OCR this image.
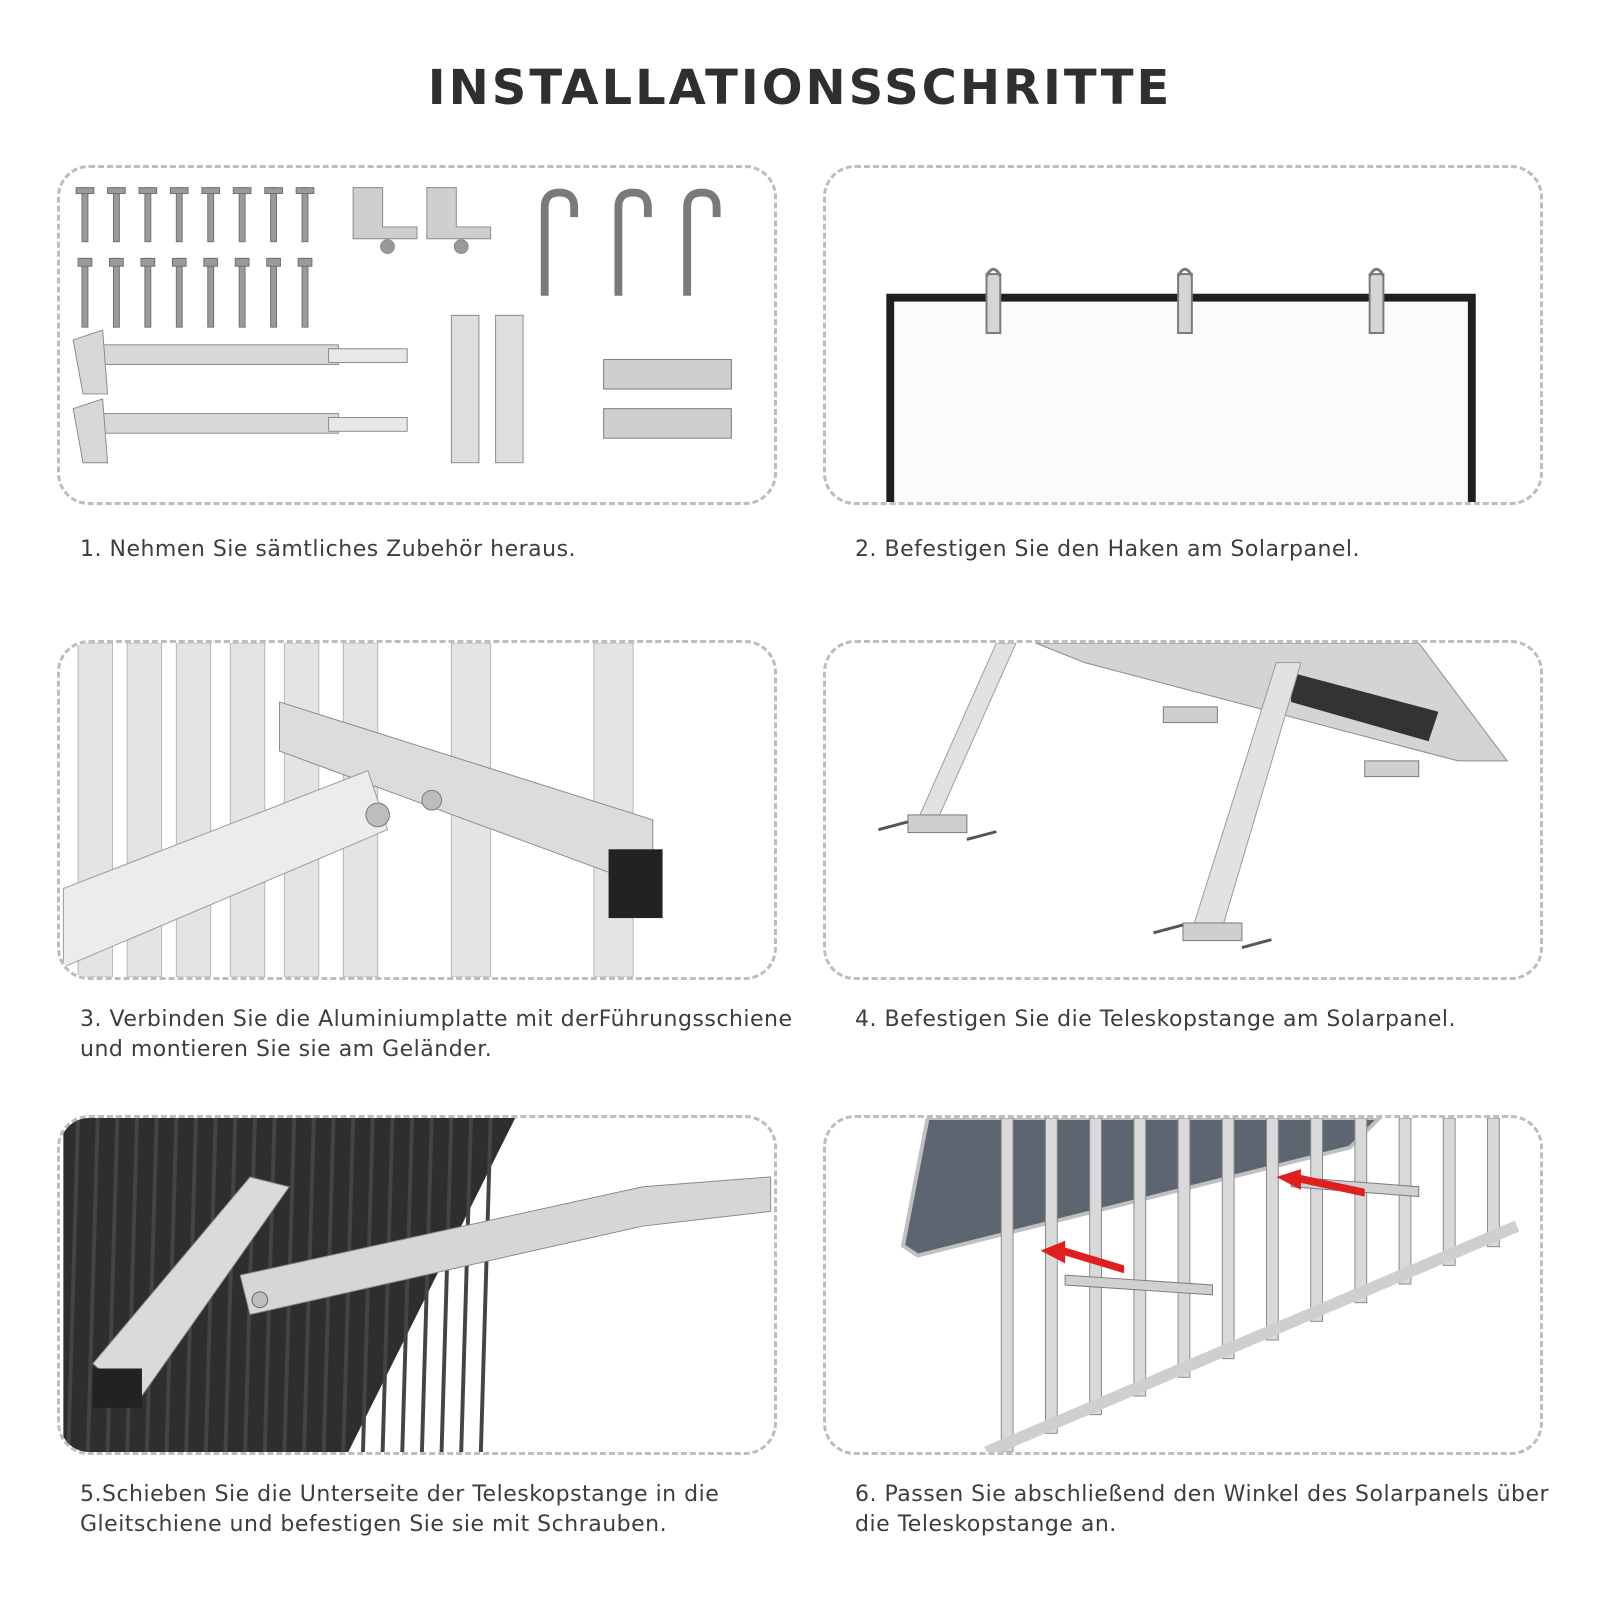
INSTALLATIONSSCHRITTE
1. Nehmen Sie sämtliches Zubehör heraus.	2. Befestigen Sie den Haken am Solarpanel.
3. Verbinden Sie die Aluminiumplatte mit derFührungsschiene und montieren Sie sie am Geländer.
4. Befestigen Sie die Teleskopstange am Solarpanel.
5.Schieben Sie die Unterseite der Teleskopstange in die Gleitschiene und befestigen Sie sie mit Schrauben.
6. Passen Sie abschließend den Winkel des Solarpanels über die Teleskopstange an.
